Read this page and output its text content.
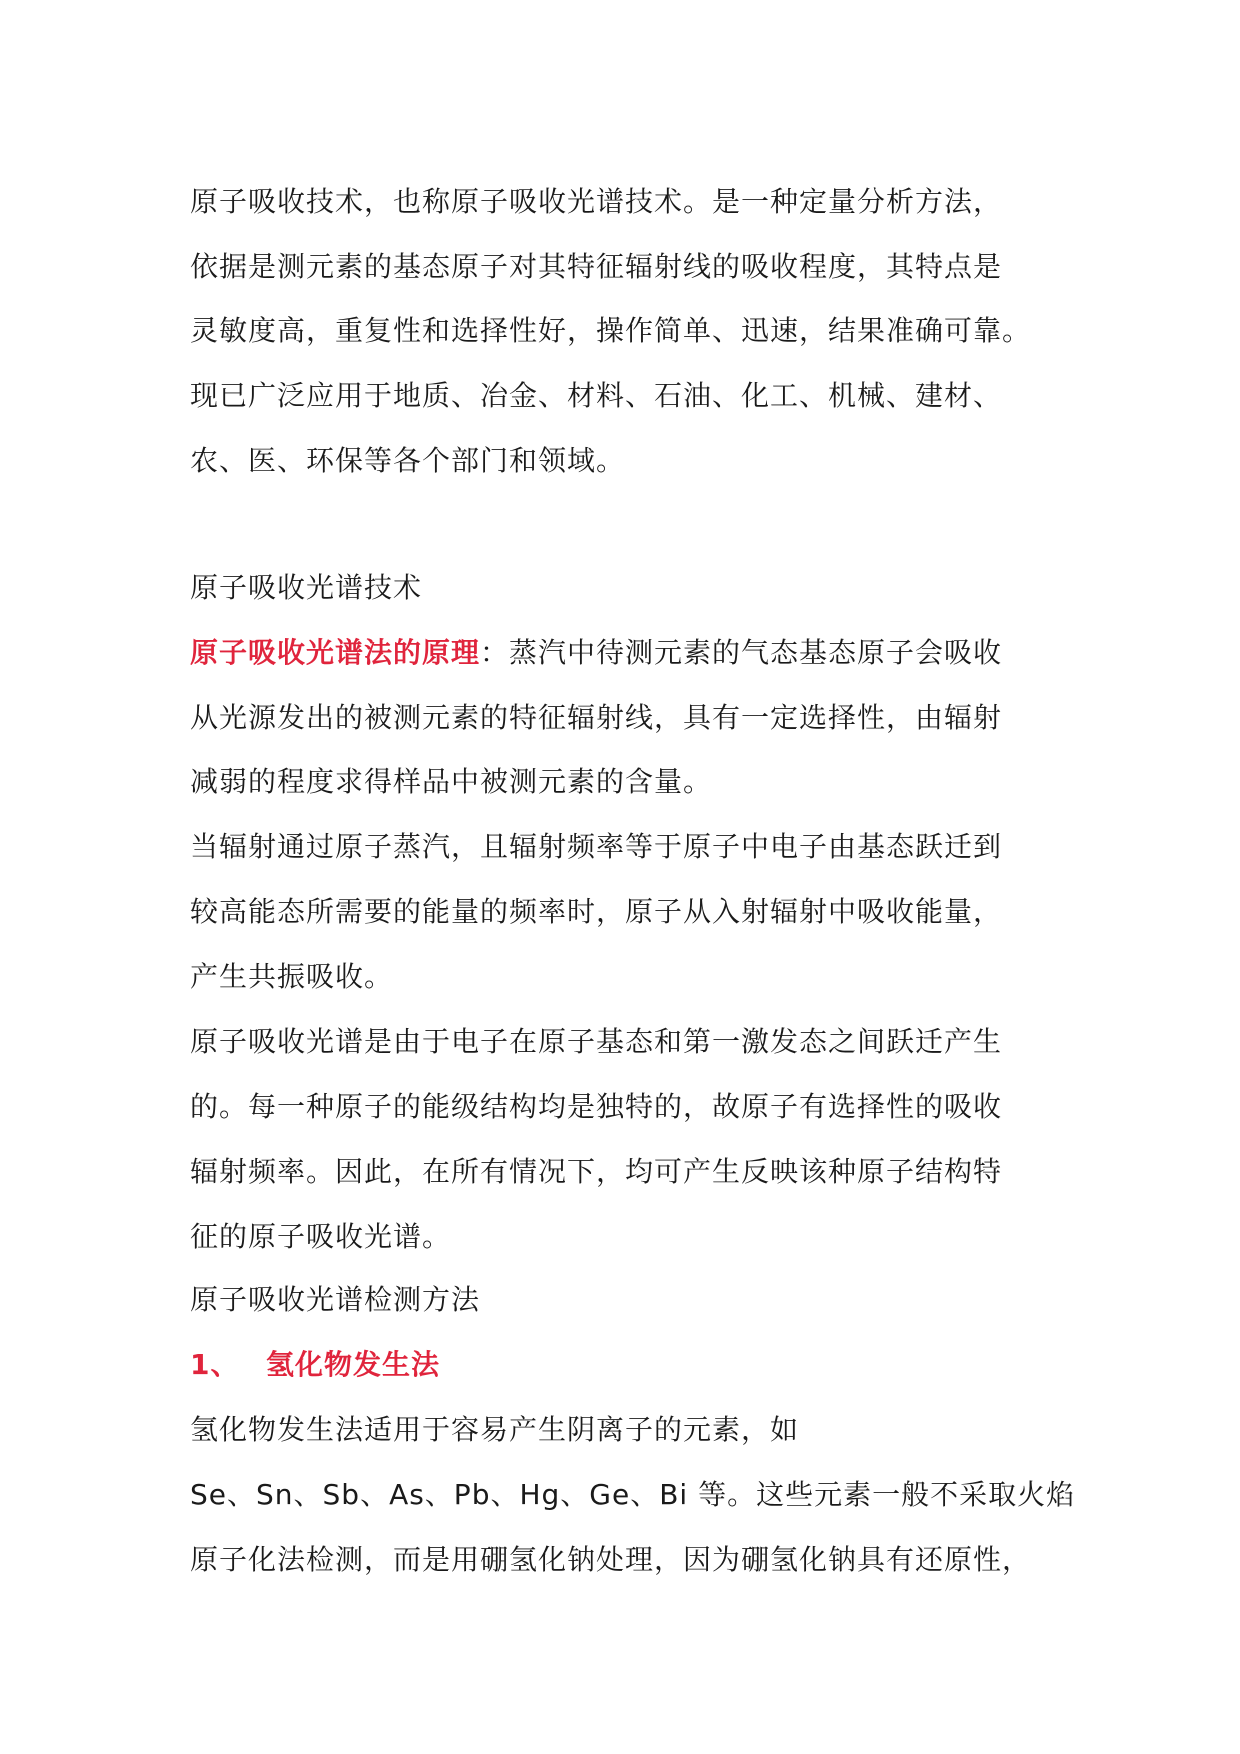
原子吸收技术，也称原子吸收光谱技术。是一种定量分析方法，
依据是测元素的基态原子对其特征辐射线的吸收程度，其特点是
灵敏度高，重复性和选择性好，操作简单、迅速，结果准确可靠。
现已广泛应用于地质、冶金、材料、石油、化工、机械、建材、
农、医、环保等各个部门和领域。
原子吸收光谱技术
原子吸收光谱法的原理：蒸汽中待测元素的气态基态原子会吸收
从光源发出的被测元素的特征辐射线，具有一定选择性，由辐射
减弱的程度求得样品中被测元素的含量。
当辐射通过原子蒸汽，且辐射频率等于原子中电子由基态跃迁到
较高能态所需要的能量的频率时，原子从入射辐射中吸收能量，
产生共振吸收。
原子吸收光谱是由于电子在原子基态和第一激发态之间跃迁产生
的。每一种原子的能级结构均是独特的，故原子有选择性的吸收
辐射频率。因此，在所有情况下，均可产生反映该种原子结构特
征的原子吸收光谱。
原子吸收光谱检测方法
1、 氢化物发生法
氢化物发生法适用于容易产生阴离子的元素，如
Se、Sn、Sb、As、Pb、Hg、Ge、Bi 等。这些元素一般不采取火焰
原子化法检测，而是用硼氢化钠处理，因为硼氢化钠具有还原性，
